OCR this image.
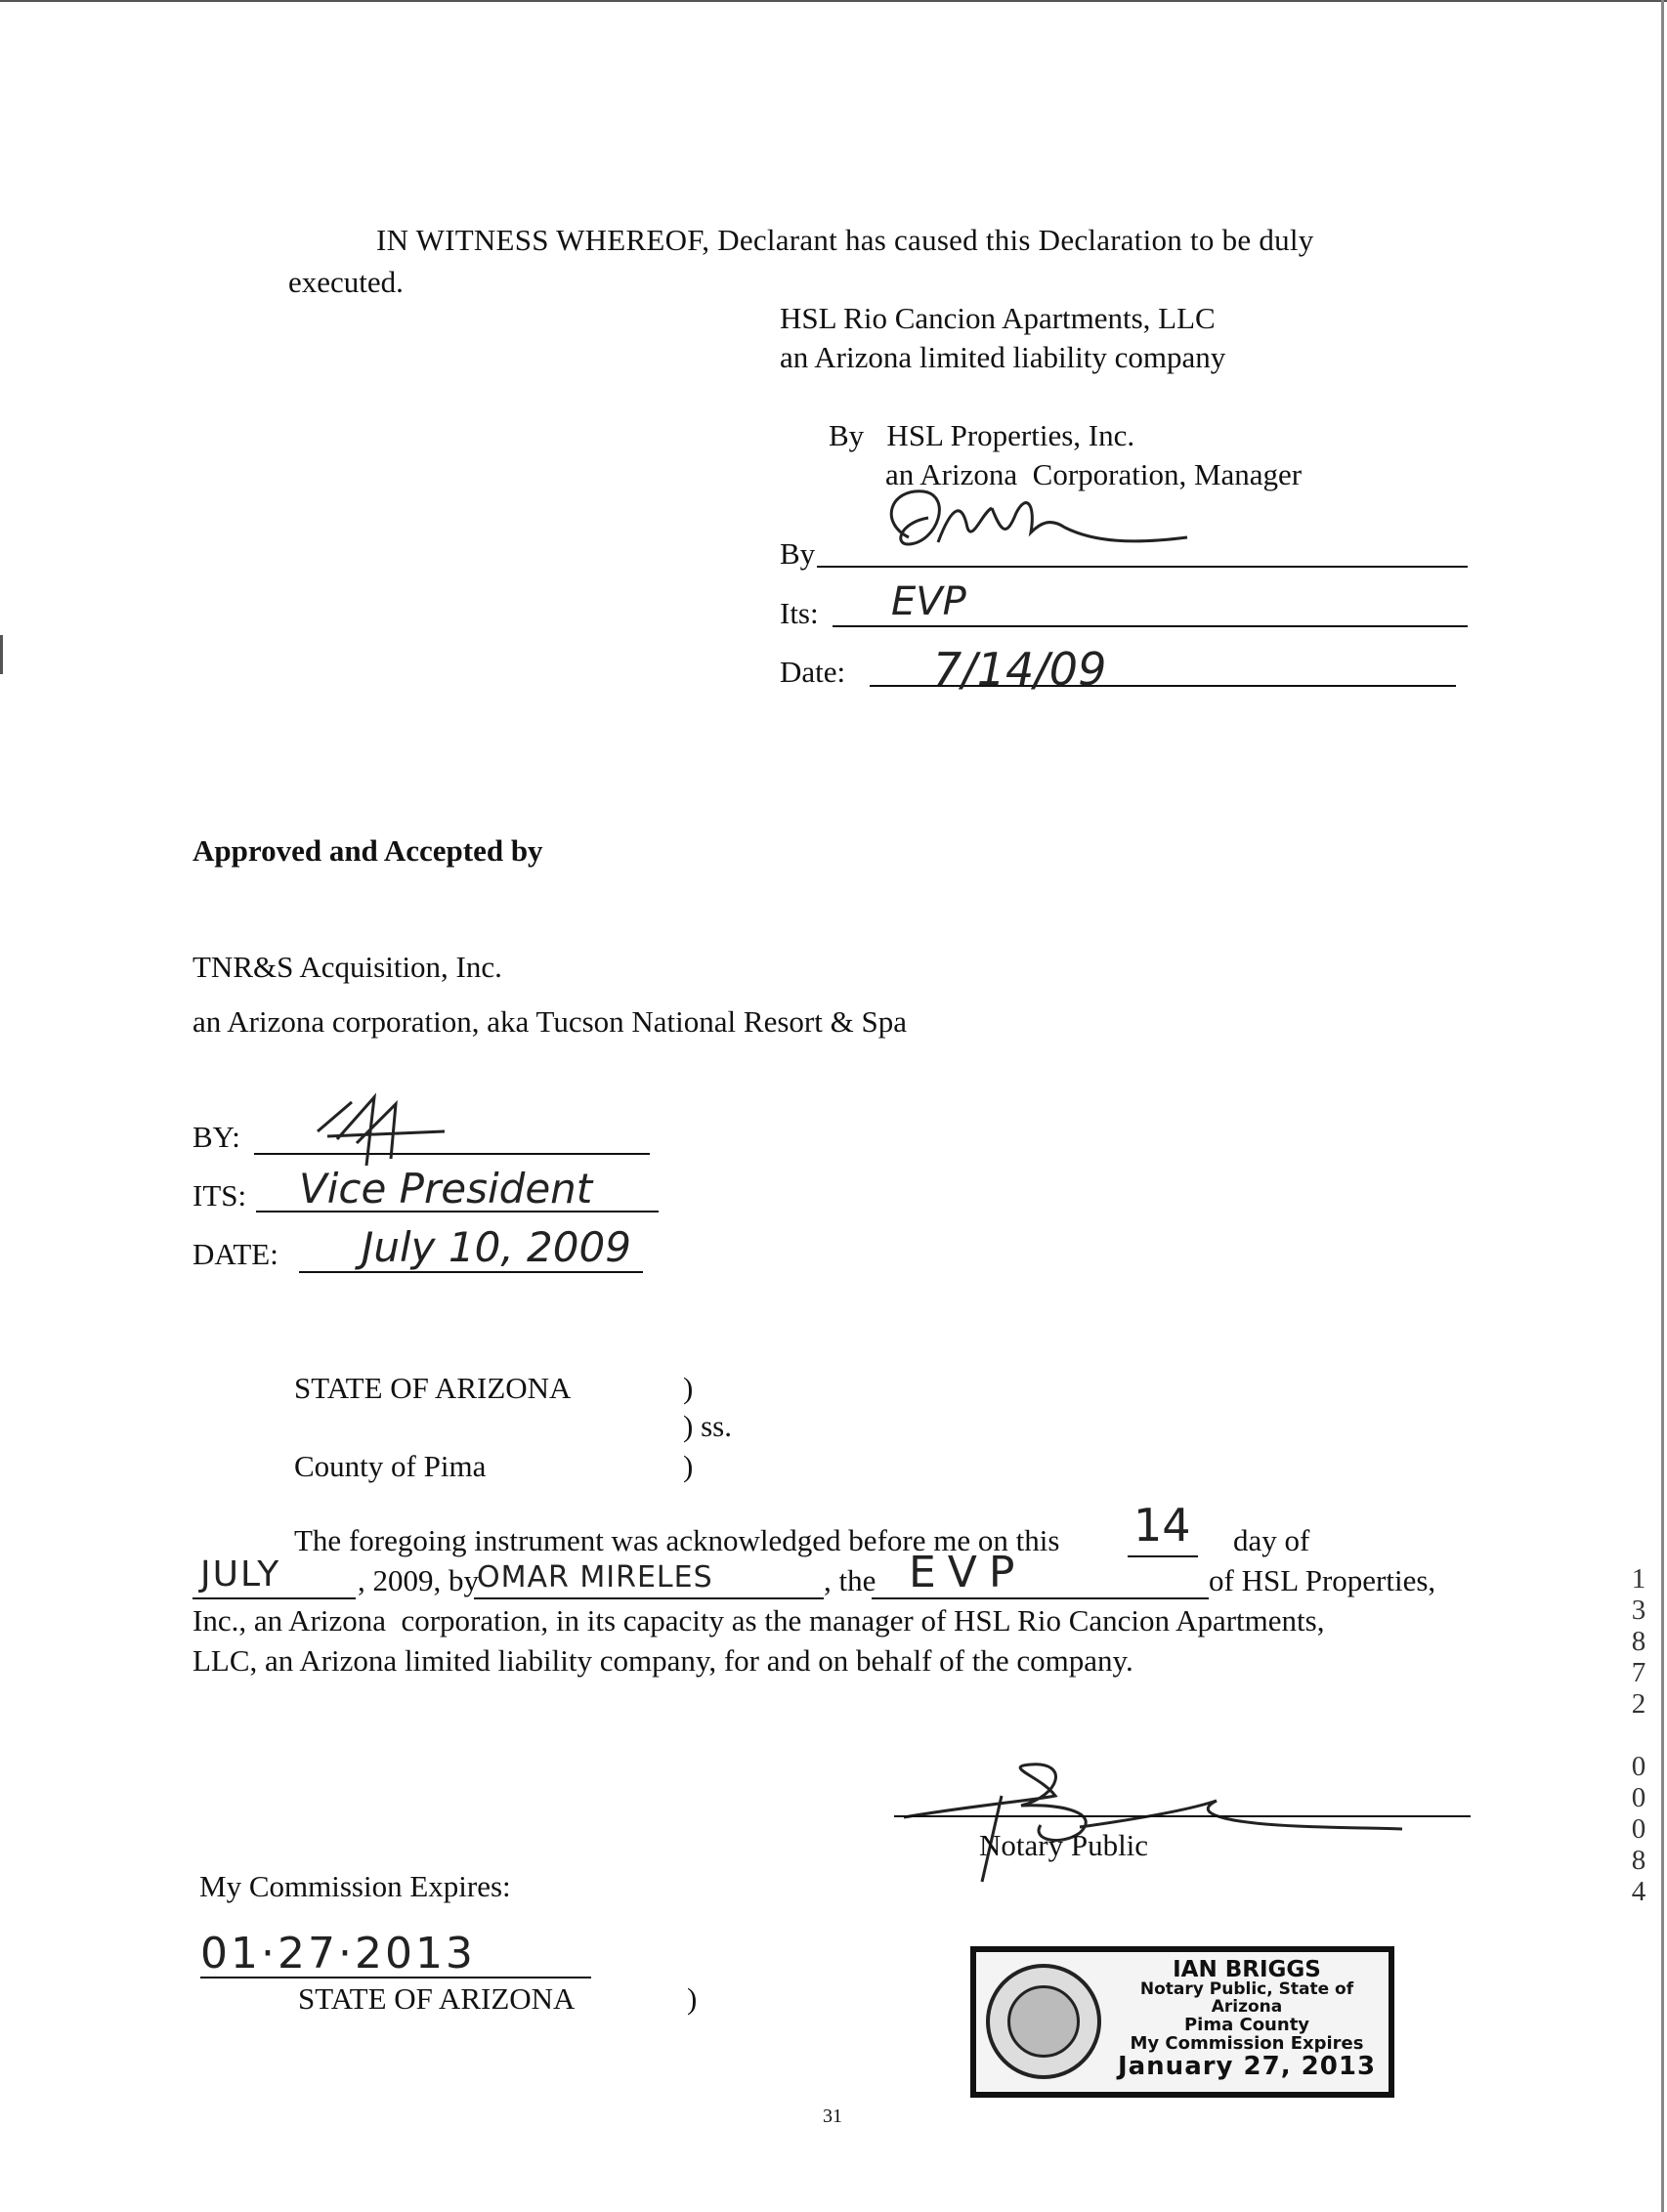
IN WITNESS WHEREOF, Declarant has caused this Declaration to be duly
executed.
HSL Rio Cancion Apartments, LLC
an Arizona limited liability company
By   HSL Properties, Inc.
an Arizona  Corporation, Manager
By
Its: EVP
Date: 7/14/09
Approved and Accepted by
TNR&S Acquisition, Inc.
an Arizona corporation, aka Tucson National Resort & Spa
BY:
ITS: Vice President
DATE: July 10, 2009
STATE OF ARIZONA	)
) ss.
County of Pima	)
The foregoing instrument was acknowledged before me on this 14 day of
JULY	, 2009, by
OMAR MIRELES	, the EVP	of HSL Properties,
Inc., an Arizona  corporation, in its capacity as the manager of HSL Rio Cancion Apartments,
LLC, an Arizona limited liability company, for and on behalf of the company.
Notary Public
My Commission Expires:
01·27·2013
STATE OF ARIZONA	)
IAN BRIGGS
Notary Public, State of Arizona
Pima County
My Commission Expires
January 27, 2013
31
1
3
8
7
2

0
0
0
8
4
